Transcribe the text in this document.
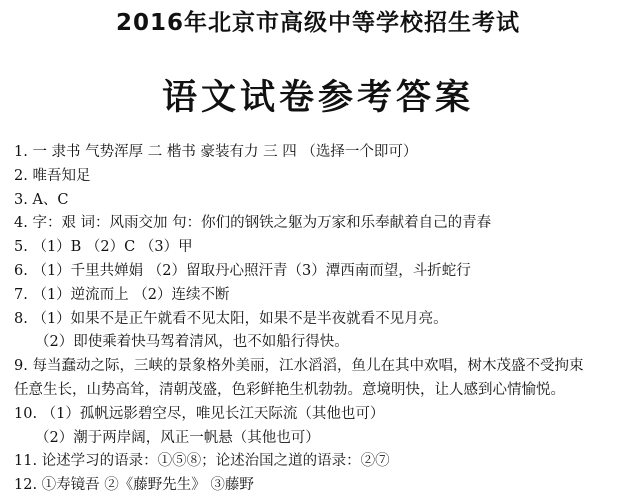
2016年北京市高级中等学校招生考试
语文试卷参考答案
1. 一 隶书 气势浑厚 二 楷书 豪装有力 三 四 （选择一个即可）
2. 唯吾知足
3. A、C
4. 字：艰 词：风雨交加 句：你们的钢铁之躯为万家和乐奉献着自己的青春
5. （1）B （2）C （3）甲
6. （1）千里共婵娟 （2）留取丹心照汗青（3）潭西南而望，斗折蛇行
7. （1）逆流而上 （2）连续不断
8. （1）如果不是正午就看不见太阳，如果不是半夜就看不见月亮。
（2）即使乘着快马驾着清风，也不如船行得快。
9. 每当蠢动之际，三峡的景象格外美丽，江水滔滔，鱼儿在其中欢唱，树木茂盛不受拘束
任意生长，山势高耸，清朝茂盛，色彩鲜艳生机勃勃。意境明快，让人感到心情愉悦。
10. （1）孤帆远影碧空尽，唯见长江天际流（其他也可）
（2）潮于两岸阔，风正一帆悬（其他也可）
11. 论述学习的语录：①⑤⑧；论述治国之道的语录：②⑦
12. ①寿镜吾 ②《藤野先生》 ③藤野
